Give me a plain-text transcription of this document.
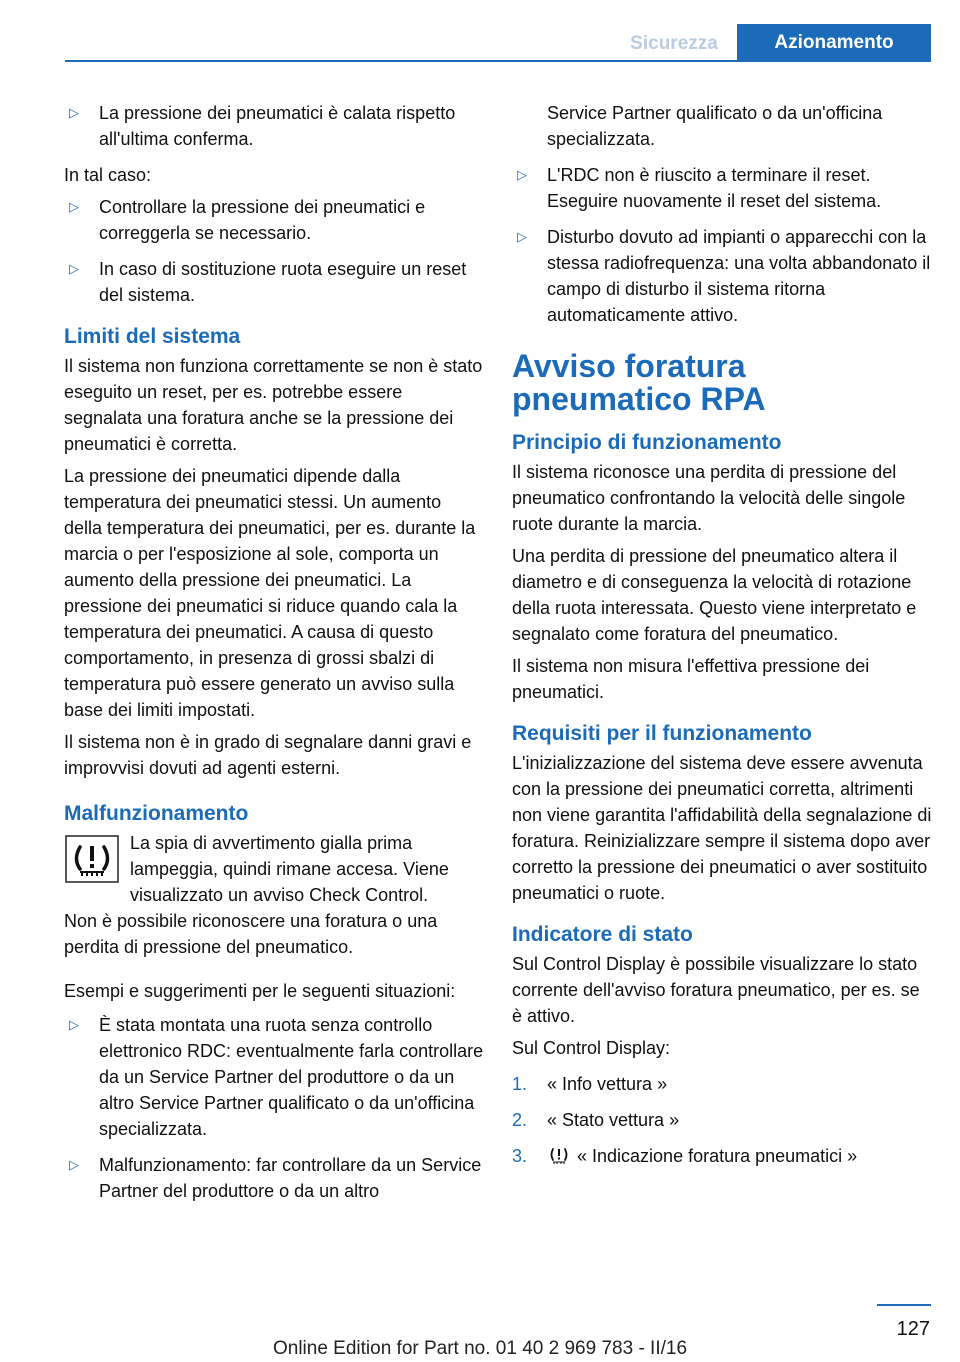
Sicurezza	Azionamento
▷ La pressione dei pneumatici è calata rispetto all'ultima conferma.

In tal caso:

▷ Controllare la pressione dei pneumatici e correggerla se necessario.
▷ In caso di sostituzione ruota eseguire un reset del sistema.
Limiti del sistema

Il sistema non funziona correttamente se non è stato eseguito un reset, per es. potrebbe essere segnalata una foratura anche se la pressione dei pneumatici è corretta.

La pressione dei pneumatici dipende dalla temperatura dei pneumatici stessi. Un aumento della temperatura dei pneumatici, per es. durante la marcia o per l'esposizione al sole, comporta un aumento della pressione dei pneumatici. La pressione dei pneumatici si riduce quando cala la temperatura dei pneumatici. A causa di questo comportamento, in presenza di grossi sbalzi di temperatura può essere generato un avviso sulla base dei limiti impostati.

Il sistema non è in grado di segnalare danni gravi e improvvisi dovuti ad agenti esterni.

Malfunzionamento

La spia di avvertimento gialla prima lampeggia, quindi rimane accesa. Viene visualizzato un avviso Check Control.

Non è possibile riconoscere una foratura o una perdita di pressione del pneumatico.

Esempi e suggerimenti per le seguenti situazioni:

▷ È stata montata una ruota senza controllo elettronico RDC: eventualmente farla controllare da un Service Partner del produttore o da un altro Service Partner qualificato o da un'officina specializzata.
▷ Malfunzionamento: far controllare da un Service Partner del produttore o da un altro

Service Partner qualificato o da un'officina specializzata.

▷ L'RDC non è riuscito a terminare il reset. Eseguire nuovamente il reset del sistema.
▷ Disturbo dovuto ad impianti o apparecchi con la stessa radiofrequenza: una volta abbandonato il campo di disturbo il sistema ritorna automaticamente attivo.
Avviso foratura pneumatico RPA
Principio di funzionamento

Il sistema riconosce una perdita di pressione del pneumatico confrontando la velocità delle singole ruote durante la marcia.

Una perdita di pressione del pneumatico altera il diametro e di conseguenza la velocità di rotazione della ruota interessata. Questo viene interpretato e segnalato come foratura del pneumatico.

Il sistema non misura l'effettiva pressione dei pneumatici.

Requisiti per il funzionamento

L'inizializzazione del sistema deve essere avvenuta con la pressione dei pneumatici corretta, altrimenti non viene garantita l'affidabilità della segnalazione di foratura. Reinizializzare sempre il sistema dopo aver corretto la pressione dei pneumatici o aver sostituito pneumatici o ruote.

Indicatore di stato

Sul Control Display è possibile visualizzare lo stato corrente dell'avviso foratura pneumatico, per es. se è attivo.

Sul Control Display:

1. « Info vettura »
2. « Stato vettura »
3.	« Indicazione foratura pneumatici »
127
Online Edition for Part no. 01 40 2 969 783 - II/16
